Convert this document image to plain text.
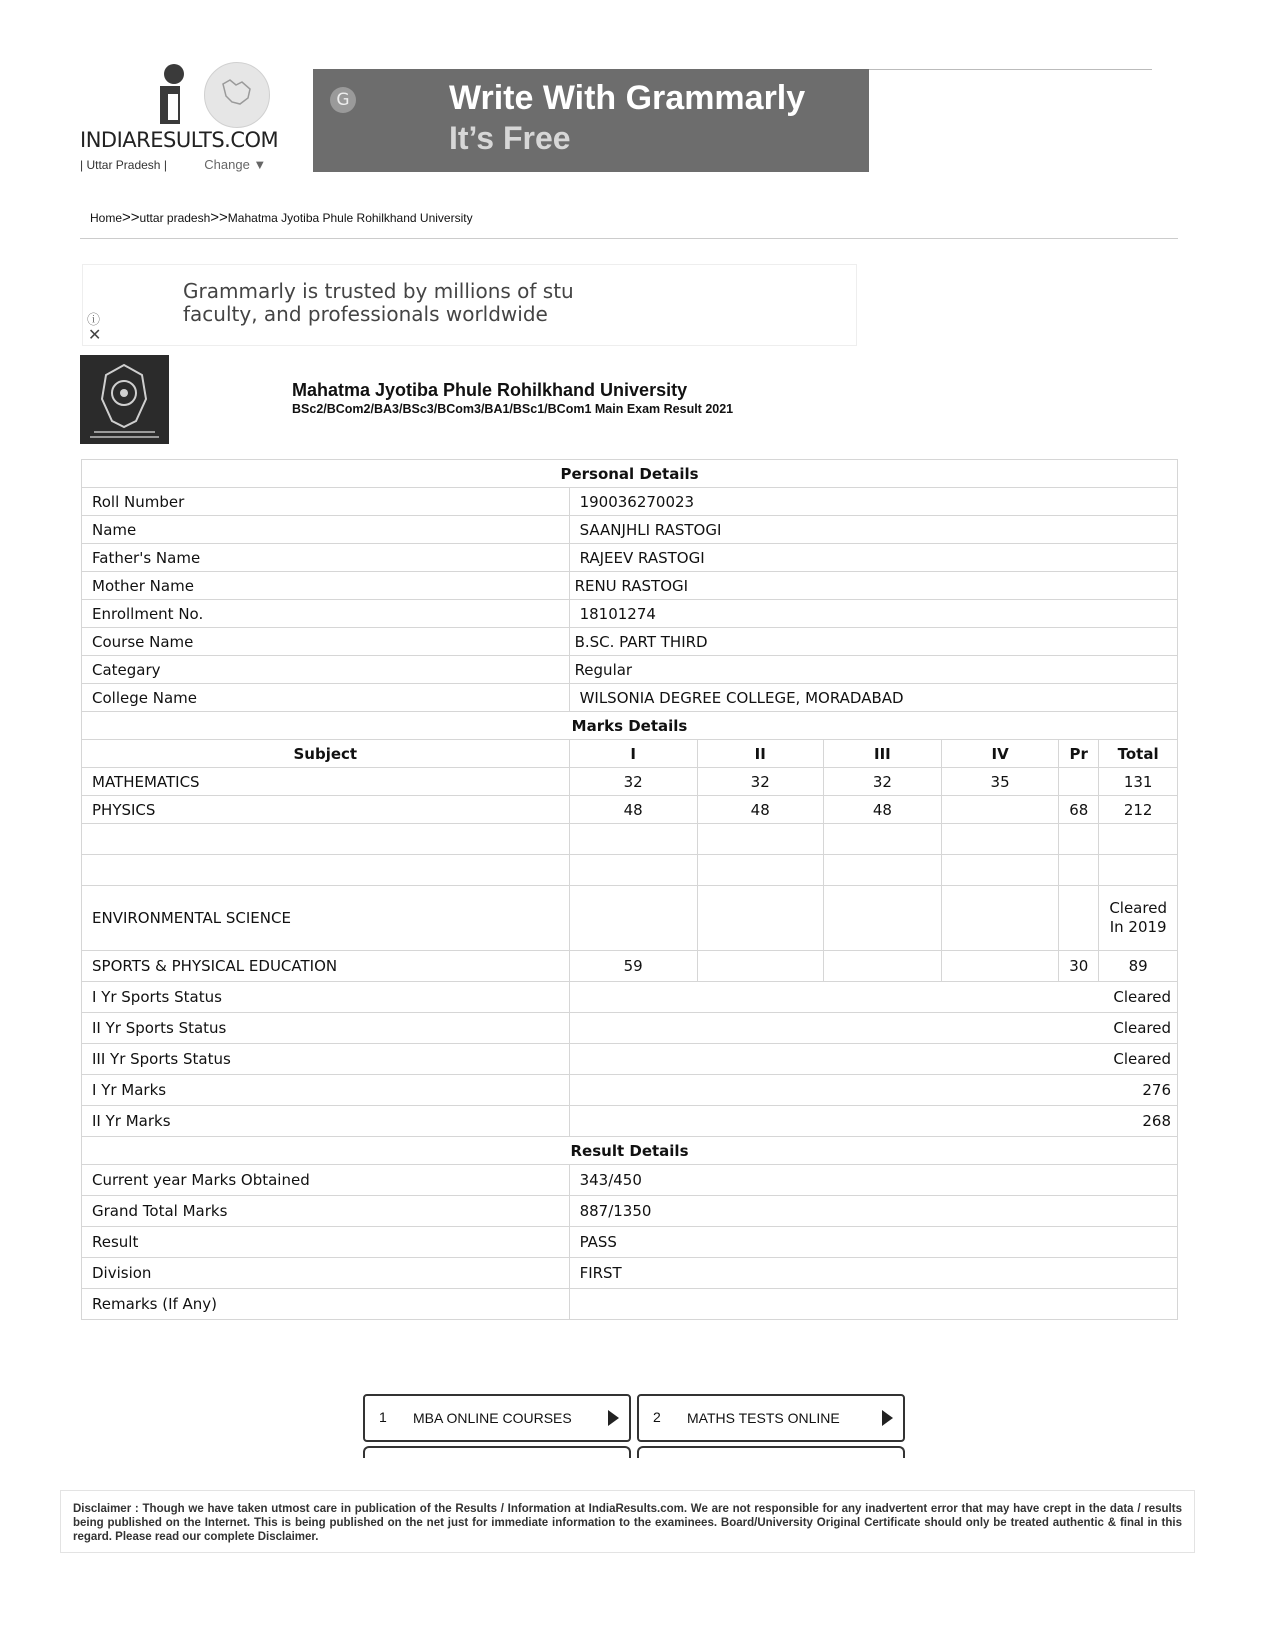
INDIARESULTS.COM
| Uttar Pradesh |	Change ▼
G	Write With Grammarly
It’s Free
Home>>uttar pradesh>>Mahatma Jyotiba Phule Rohilkhand University
Grammarly is trusted by millions of stu
faculty, and professionals worldwide
ⓘ
✕
Mahatma Jyotiba Phule Rohilkhand University
BSc2/BCom2/BA3/BSc3/BCom3/BA1/BSc1/BCom1 Main Exam Result 2021
Personal Details						
Roll Number	190036270023					
Name	SAANJHLI RASTOGI					
Father's Name	RAJEEV RASTOGI					
Mother Name	RENU RASTOGI					
Enrollment No.	18101274					
Course Name	B.SC. PART THIRD					
Categary	Regular					
College Name	WILSONIA DEGREE COLLEGE, MORADABAD					
Marks Details						
Subject	I	II	III	IV	Pr	Total
MATHEMATICS	32	32	32	35		131
PHYSICS	48	48	48		68	212

ENVIRONMENTAL SCIENCE						Cleared In 2019
SPORTS & PHYSICAL EDUCATION	59				30	89
I Yr Sports Status	Cleared					
II Yr Sports Status	Cleared					
III Yr Sports Status	Cleared					
I Yr Marks	276					
II Yr Marks	268					
Result Details						
Current year Marks Obtained	343/450					
Grand Total Marks	887/1350					
Result	PASS					
Division	FIRST					
Remarks (If Any)						
1 MBA ONLINE COURSES	2 MATHS TESTS ONLINE
Disclaimer : Though we have taken utmost care in publication of the Results / Information at IndiaResults.com. We are not responsible for any inadvertent error that may have crept in the data / results being published on the Internet. This is being published on the net just for immediate information to the examinees. Board/University Original Certificate should only be treated authentic & final in this regard. Please read our complete Disclaimer.
